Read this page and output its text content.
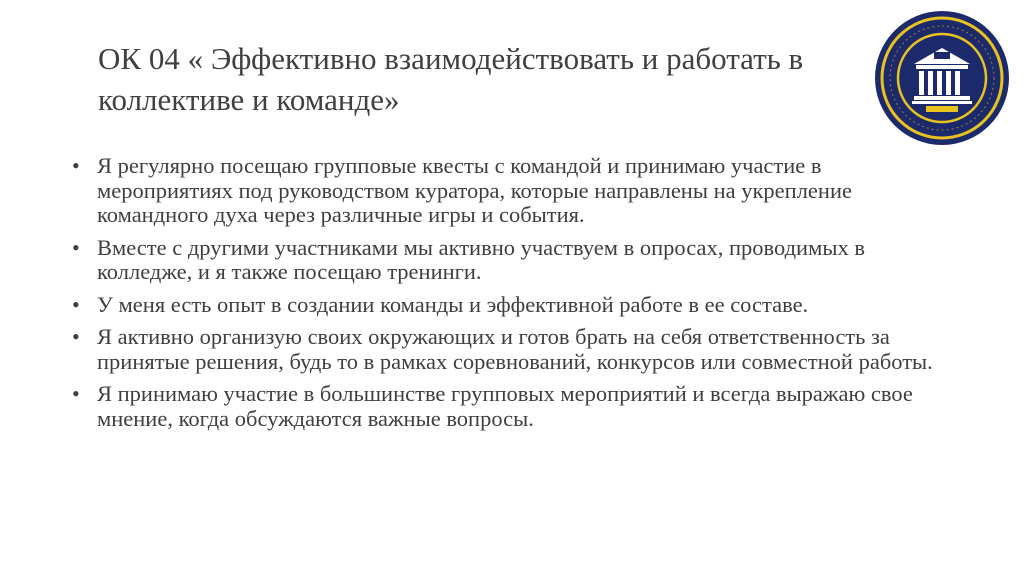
ОК 04 « Эффективно взаимодействовать и работать в коллективе и команде»
• Я регулярно посещаю групповые квесты с командой и принимаю участие в мероприятиях под руководством куратора, которые направлены на укрепление командного духа через различные игры и события.
• Вместе с другими участниками мы активно участвуем в опросах, проводимых в колледже, и я также посещаю тренинги.
• У меня есть опыт в создании команды и эффективной работе в ее составе.
• Я активно организую своих окружающих и готов брать на себя ответственность за принятые решения, будь то в рамках соревнований, конкурсов или совместной работы.
• Я принимаю участие в большинстве групповых мероприятий и всегда выражаю свое мнение, когда обсуждаются важные вопросы.
